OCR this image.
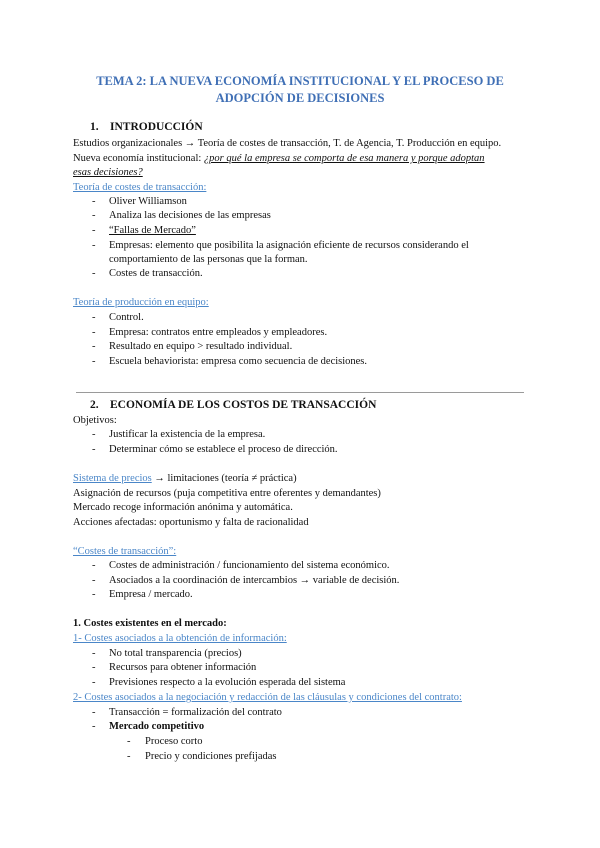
TEMA 2: LA NUEVA ECONOMÍA INSTITUCIONAL Y EL PROCESO DE
ADOPCIÓN DE DECISIONES
1. INTRODUCCIÓN
Estudios organizacionales → Teoría de costes de transacción, T. de Agencia, T. Producción en equipo.
Nueva economía institucional: ¿por qué la empresa se comporta de esa manera y porque adoptan
esas decisiones?
Teoría de costes de transacción:
- Oliver Williamson
- Analiza las decisiones de las empresas
- “Fallas de Mercado”
- Empresas: elemento que posibilita la asignación eficiente de recursos considerando el
comportamiento de las personas que la forman.
- Costes de transacción.
Teoría de producción en equipo:
- Control.
- Empresa: contratos entre empleados y empleadores.
- Resultado en equipo > resultado individual.
- Escuela behaviorista: empresa como secuencia de decisiones.
2. ECONOMÍA DE LOS COSTOS DE TRANSACCIÓN
Objetivos:
- Justificar la existencia de la empresa.
- Determinar cómo se establece el proceso de dirección.
Sistema de precios → limitaciones (teoría ≠ práctica)
Asignación de recursos (puja competitiva entre oferentes y demandantes)
Mercado recoge información anónima y automática.
Acciones afectadas: oportunismo y falta de racionalidad
“Costes de transacción”:
- Costes de administración / funcionamiento del sistema económico.
- Asociados a la coordinación de intercambios → variable de decisión.
- Empresa / mercado.
1. Costes existentes en el mercado:
1- Costes asociados a la obtención de información:
- No total transparencia (precios)
- Recursos para obtener información
- Previsiones respecto a la evolución esperada del sistema
2- Costes asociados a la negociación y redacción de las cláusulas y condiciones del contrato:
- Transacción = formalización del contrato
- Mercado competitivo
- Proceso corto
- Precio y condiciones prefijadas
